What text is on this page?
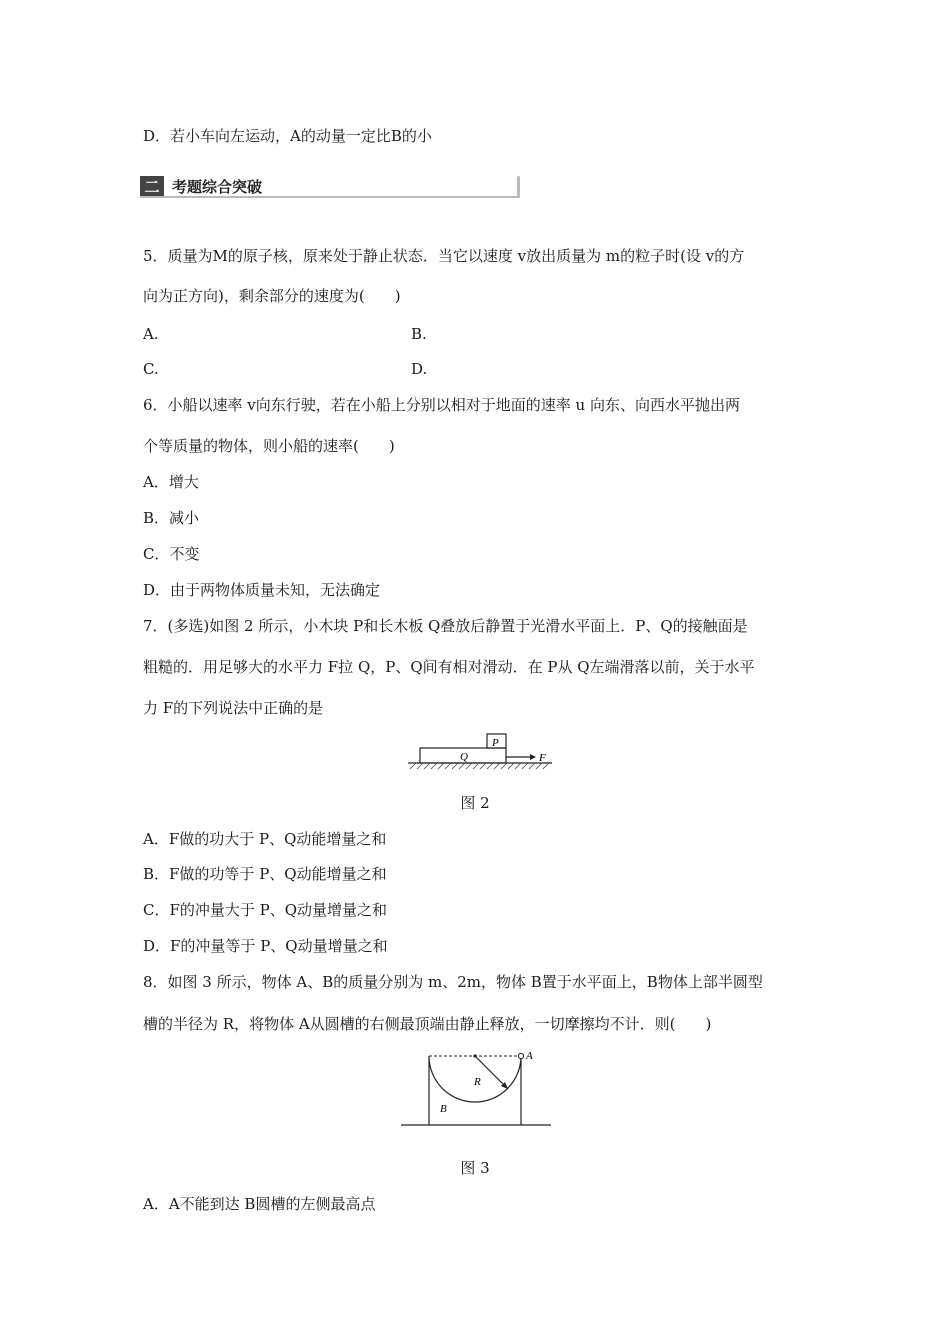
D．若小车向左运动，A的动量一定比B的小
二 考题综合突破
5．质量为M的原子核，原来处于静止状态．当它以速度 v放出质量为 m的粒子时(设 v的方
向为正方向)，剩余部分的速度为(　　)
A.	B.
C.	D.
6．小船以速率 v向东行驶，若在小船上分别以相对于地面的速率 u 向东、向西水平抛出两
个等质量的物体，则小船的速率(　　)
A．增大
B．减小
C．不变
D．由于两物体质量未知，无法确定
7．(多选)如图 2 所示，小木块 P和长木板 Q叠放后静置于光滑水平面上．P、Q的接触面是
粗糙的．用足够大的水平力 F拉 Q，P、Q间有相对滑动．在 P从 Q左端滑落以前，关于水平
力 F的下列说法中正确的是
P
Q	F
图 2
A．F做的功大于 P、Q动能增量之和
B．F做的功等于 P、Q动能增量之和
C．F的冲量大于 P、Q动量增量之和
D．F的冲量等于 P、Q动量增量之和
8．如图 3 所示，物体 A、B的质量分别为 m、2m，物体 B置于水平面上，B物体上部半圆型
槽的半径为 R，将物体 A从圆槽的右侧最顶端由静止释放，一切摩擦均不计．则(　　)
A
R
B
图 3
A．A不能到达 B圆槽的左侧最高点
